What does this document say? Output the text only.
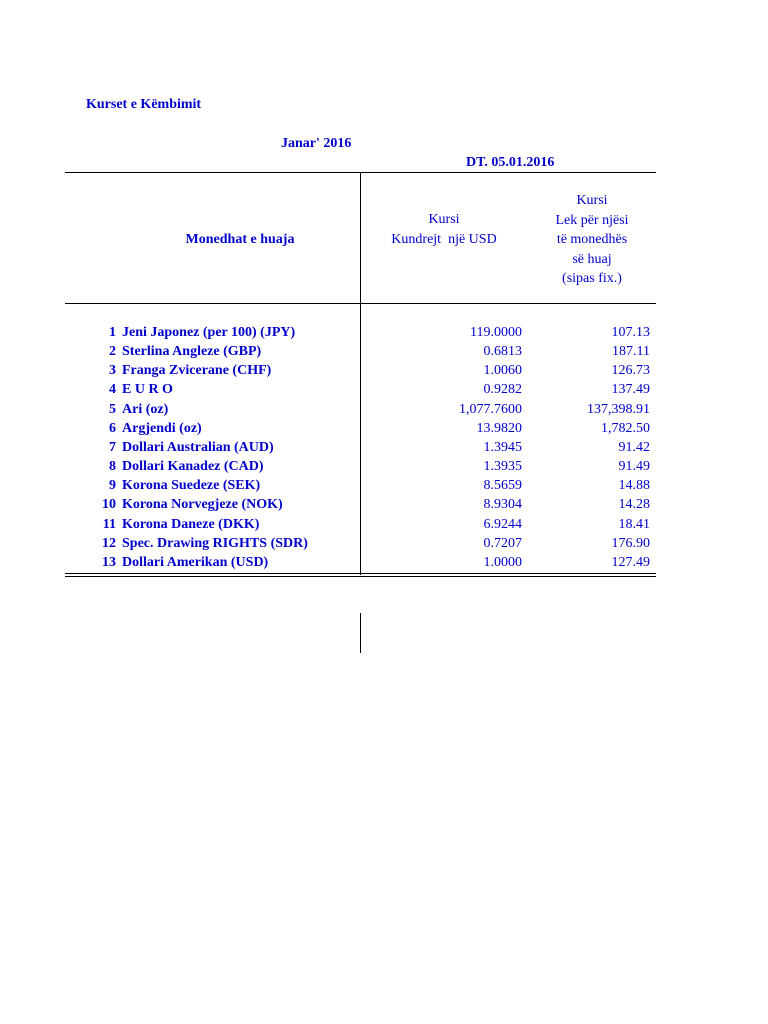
Kurset e Këmbimit
Janar' 2016
DT. 05.01.2016
Monedhat e huaja
Kursi
Kundrejt  një USD
Kursi
Lek për njësi
të monedhës
së huaj
(sipas fix.)
1 Jeni Japonez (per 100) (JPY)	119.0000	107.13
2 Sterlina Angleze (GBP)	0.6813	187.11
3 Franga Zvicerane (CHF)	1.0060	126.73
4 E U R O	0.9282	137.49
5 Ari (oz)	1,077.7600	137,398.91
6 Argjendi (oz)	13.9820	1,782.50
7 Dollari Australian (AUD)	1.3945	91.42
8 Dollari Kanadez (CAD)	1.3935	91.49
9 Korona Suedeze (SEK)	8.5659	14.88
10 Korona Norvegjeze (NOK)	8.9304	14.28
11 Korona Daneze (DKK)	6.9244	18.41
12 Spec. Drawing RIGHTS (SDR)	0.7207	176.90
13 Dollari Amerikan (USD)	1.0000	127.49
